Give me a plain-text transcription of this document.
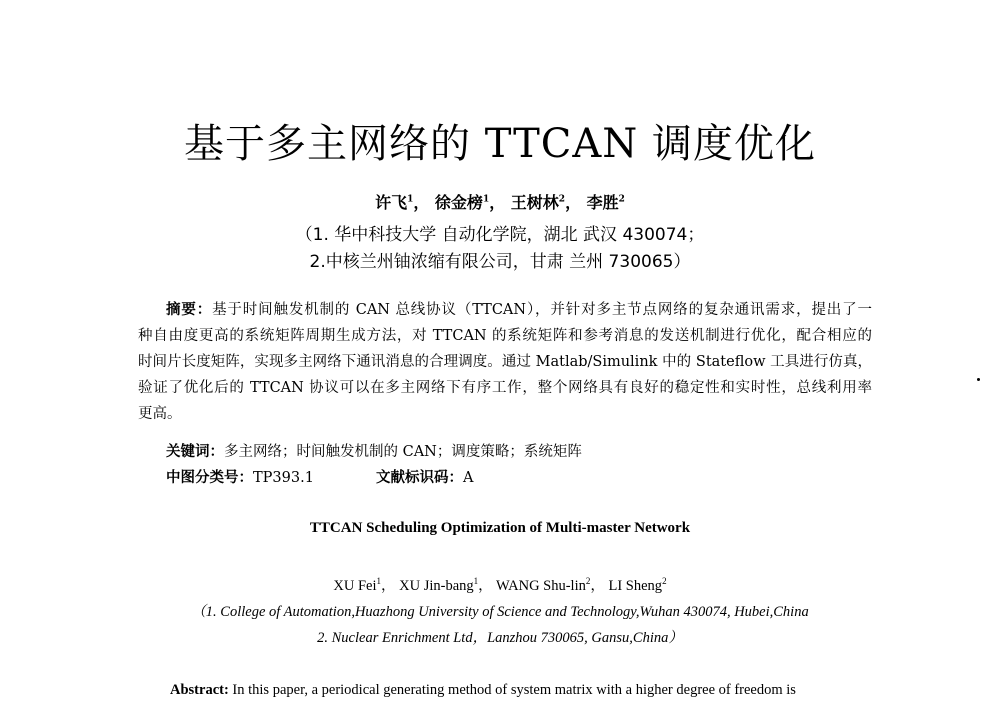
基于多主网络的 TTCAN 调度优化
许飞$^1$， 徐金榜$^1$， 王树林$^2$， 李胜$^2$
（1. 华中科技大学 自动化学院，湖北 武汉 430074；
2.中核兰州铀浓缩有限公司，甘肃 兰州 730065）
摘要：基于时间触发机制的 CAN 总线协议（TTCAN），并针对多主节点网络的复杂通讯需求，提出了一
种自由度更高的系统矩阵周期生成方法，对 TTCAN 的系统矩阵和参考消息的发送机制进行优化，配合相应的
时间片长度矩阵，实现多主网络下通讯消息的合理调度。通过 Matlab/Simulink 中的 Stateflow 工具进行仿真，
验证了优化后的 TTCAN 协议可以在多主网络下有序工作，整个网络具有良好的稳定性和实时性，总线利用率
更高。
关键词：多主网络；时间触发机制的 CAN；调度策略；系统矩阵
中图分类号：TP393.1	文献标识码：A
TTCAN Scheduling Optimization of Multi-master Network
XU Fei$^1$， XU Jin-bang$^1$， WANG Shu-lin$^2$， LI Sheng$^2$
（1. College of Automation,Huazhong University of Science and Technology,Wuhan 430074, Hubei,China
2. Nuclear Enrichment Ltd，Lanzhou 730065, Gansu,China）
Abstract: In this paper, a periodical generating method of system matrix with a higher degree of freedom is
